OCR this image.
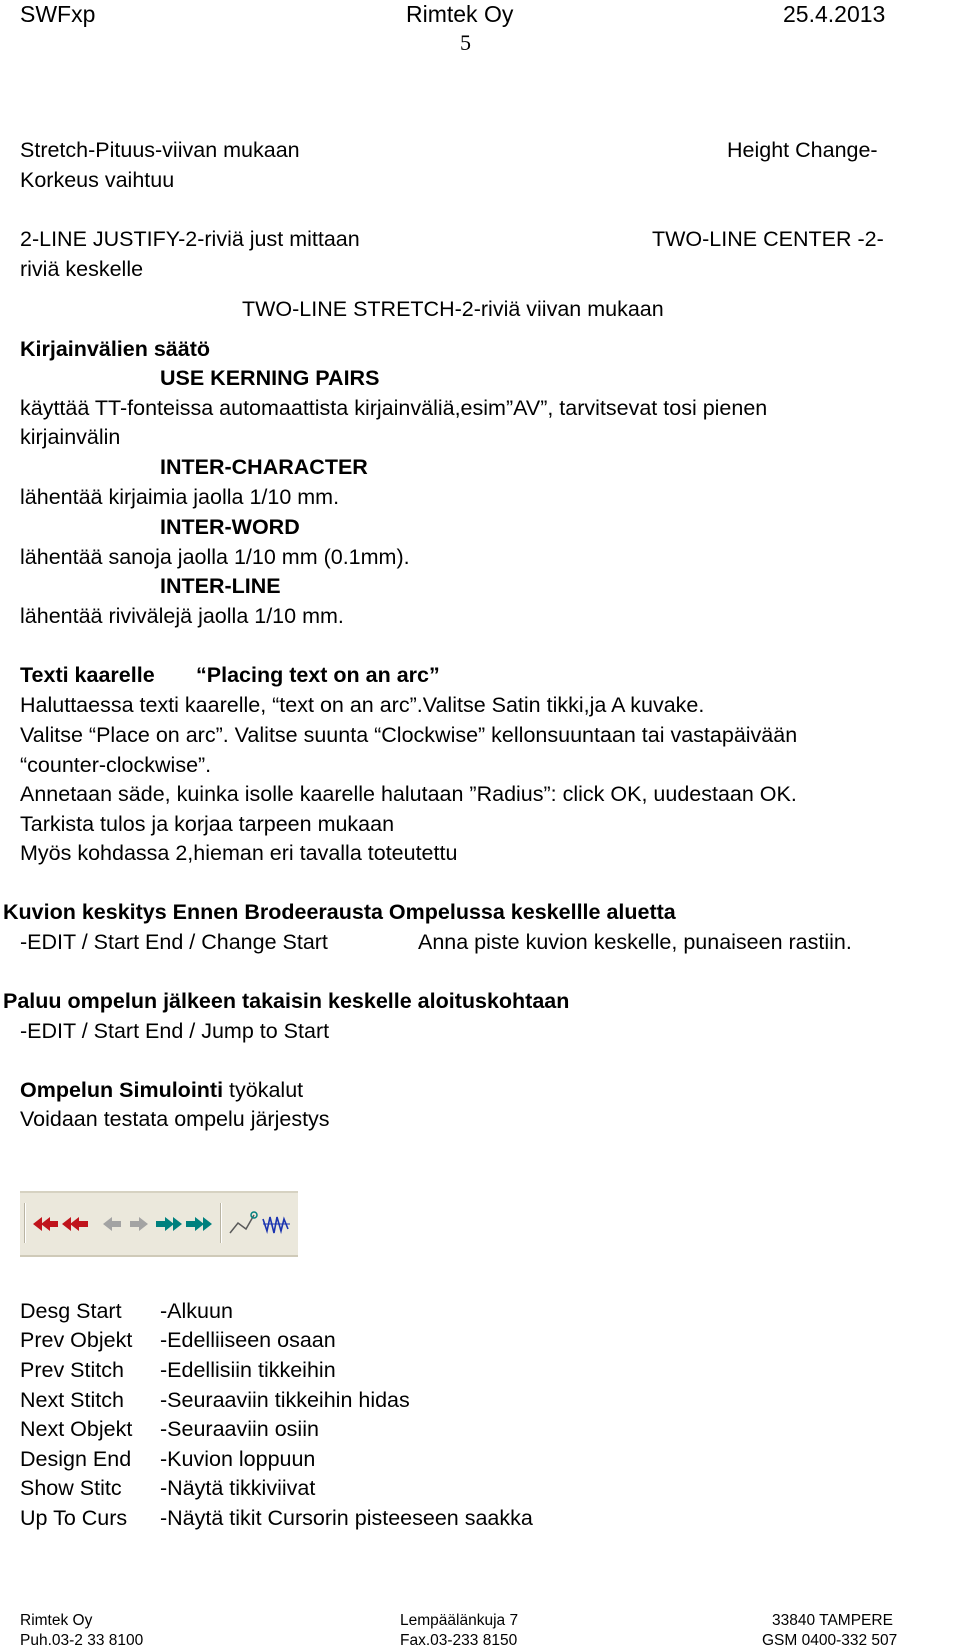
SWFxp	Rimtek Oy	25.4.2013
5
Stretch-Pituus-viivan mukaan	Height Change-
Korkeus vaihtuu
2-LINE JUSTIFY-2-riviä just mittaan	TWO-LINE CENTER -2-
riviä keskelle
TWO-LINE STRETCH-2-riviä viivan mukaan
Kirjainvälien säätö
USE KERNING PAIRS
käyttää TT-fonteissa automaattista kirjainväliä,esim”AV”, tarvitsevat tosi pienen
kirjainvälin
INTER-CHARACTER
lähentää kirjaimia jaolla 1/10 mm.
INTER-WORD
lähentää sanoja jaolla 1/10 mm (0.1mm).
INTER-LINE
lähentää rivivälejä jaolla 1/10 mm.
Texti kaarelle “Placing text on an arc”
Haluttaessa texti kaarelle, “text on an arc”.Valitse Satin tikki,ja A kuvake.
Valitse “Place on arc”. Valitse suunta “Clockwise” kellonsuuntaan tai vastapäivään
“counter-clockwise”.
Annetaan säde, kuinka isolle kaarelle halutaan ”Radius”: click OK, uudestaan OK.
Tarkista tulos ja korjaa tarpeen mukaan
Myös kohdassa 2,hieman eri tavalla toteutettu
Kuvion keskitys Ennen Brodeerausta Ompelussa keskellle aluetta
-EDIT / Start End / Change Start	Anna piste kuvion keskelle, punaiseen rastiin.
Paluu ompelun jälkeen takaisin keskelle aloituskohtaan
-EDIT / Start End / Jump to Start
Ompelun Simulointi työkalut
Voidaan testata ompelu järjestys
Desg Start -Alkuun
Prev Objekt -Edelliiseen osaan
Prev Stitch -Edellisiin tikkeihin
Next Stitch -Seuraaviin tikkeihin hidas
Next Objekt -Seuraaviin osiin
Design End -Kuvion loppuun
Show Stitc -Näytä tikkiviivat
Up To Curs -Näytä tikit Cursorin pisteeseen saakka
Rimtek Oy	Lempäälänkuja 7	33840 TAMPERE
Puh.03-2 33 8100	Fax.03-233 8150	GSM 0400-332 507
